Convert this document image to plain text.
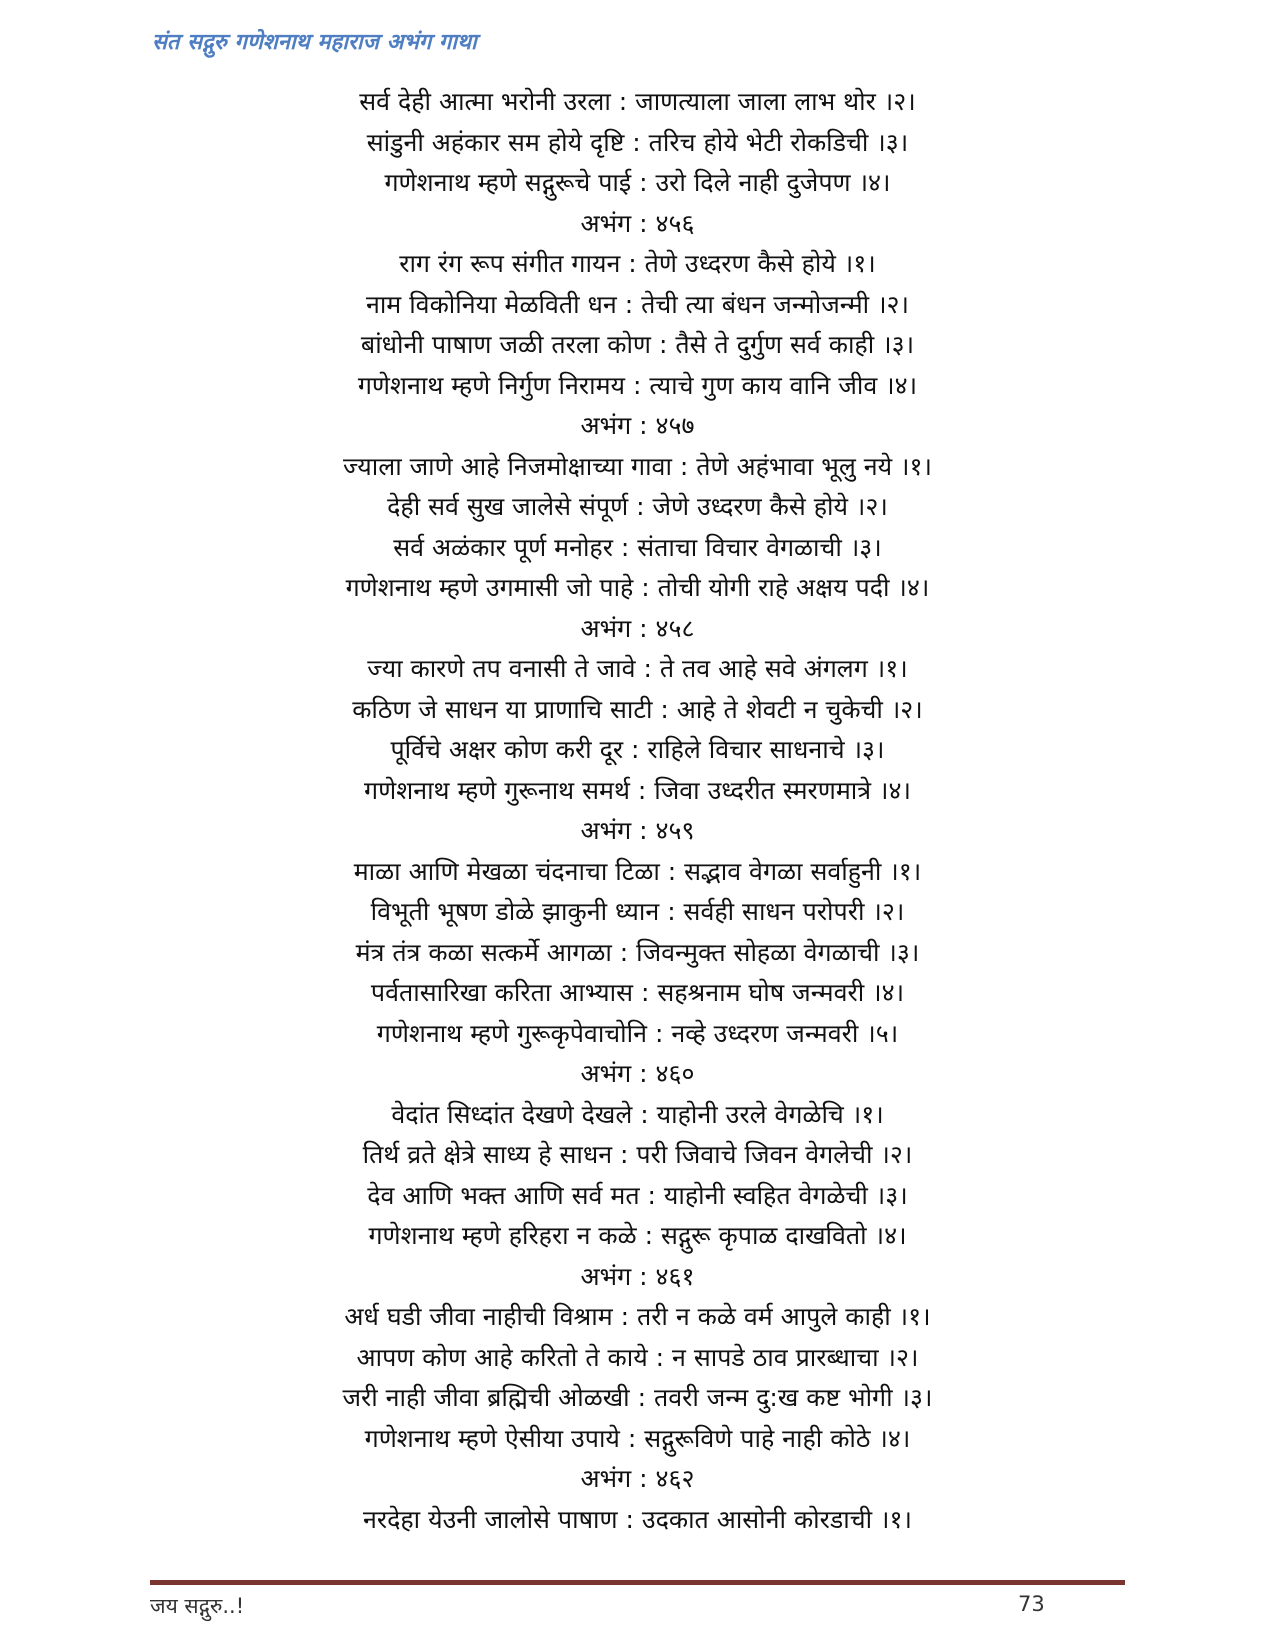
संत सद्गुरु गणेशनाथ महाराज अभंग गाथा
सर्व देही आत्मा भरोनी उरला : जाणत्याला जाला लाभ थोर ।२।
सांडुनी अहंकार सम होये दृष्टि : तरिच होये भेटी रोकडिची ।३।
गणेशनाथ म्हणे सद्गुरूचे पाई : उरो दिले नाही दुजेपण ।४।
अभंग : ४५६
राग रंग रूप संगीत गायन : तेणे उध्दरण कैसे होये ।१।
नाम विकोनिया मेळविती धन : तेची त्या बंधन जन्मोजन्मी ।२।
बांधोनी पाषाण जळी तरला कोण : तैसे ते दुर्गुण सर्व काही ।३।
गणेशनाथ म्हणे निर्गुण निरामय : त्याचे गुण काय वानि जीव ।४।
अभंग : ४५७
ज्याला जाणे आहे निजमोक्षाच्या गावा : तेणे अहंभावा भूलु नये ।१।
देही सर्व सुख जालेसे संपूर्ण : जेणे उध्दरण कैसे होये ।२।
सर्व अळंकार पूर्ण मनोहर : संताचा विचार वेगळाची ।३।
गणेशनाथ म्हणे उगमासी जो पाहे : तोची योगी राहे अक्षय पदी ।४।
अभंग : ४५८
ज्या कारणे तप वनासी ते जावे : ते तव आहे सवे अंगलग ।१।
कठिण जे साधन या प्राणाचि साटी : आहे ते शेवटी न चुकेची ।२।
पूर्विचे अक्षर कोण करी दूर : राहिले विचार साधनाचे ।३।
गणेशनाथ म्हणे गुरूनाथ समर्थ : जिवा उध्दरीत स्मरणमात्रे ।४।
अभंग : ४५९
माळा आणि मेखळा चंदनाचा टिळा : सद्भाव वेगळा सर्वाहुनी ।१।
विभूती भूषण डोळे झाकुनी ध्यान : सर्वही साधन परोपरी ।२।
मंत्र तंत्र कळा सत्कर्मे आगळा : जिवन्मुक्त सोहळा वेगळाची ।३।
पर्वतासारिखा करिता आभ्यास : सहश्रनाम घोष जन्मवरी ।४।
गणेशनाथ म्हणे गुरूकृपेवाचोनि : नव्हे उध्दरण जन्मवरी ।५।
अभंग : ४६०
वेदांत सिध्दांत देखणे देखले : याहोनी उरले वेगळेचि ।१।
तिर्थ व्रते क्षेत्रे साध्य हे साधन : परी जिवाचे जिवन वेगलेची ।२।
देव आणि भक्त आणि सर्व मत : याहोनी स्वहित वेगळेची ।३।
गणेशनाथ म्हणे हरिहरा न कळे : सद्गुरू कृपाळ दाखवितो ।४।
अभंग : ४६१
अर्ध घडी जीवा नाहीची विश्राम : तरी न कळे वर्म आपुले काही ।१।
आपण कोण आहे करितो ते काये : न सापडे ठाव प्रारब्धाचा ।२।
जरी नाही जीवा ब्रह्मिची ओळखी : तवरी जन्म दु:ख कष्ट भोगी ।३।
गणेशनाथ म्हणे ऐसीया उपाये : सद्गुरूविणे पाहे नाही कोठे ।४।
अभंग : ४६२
नरदेहा येउनी जालोसे पाषाण : उदकात आसोनी कोरडाची ।१।
जय सद्गुरु..!	73
